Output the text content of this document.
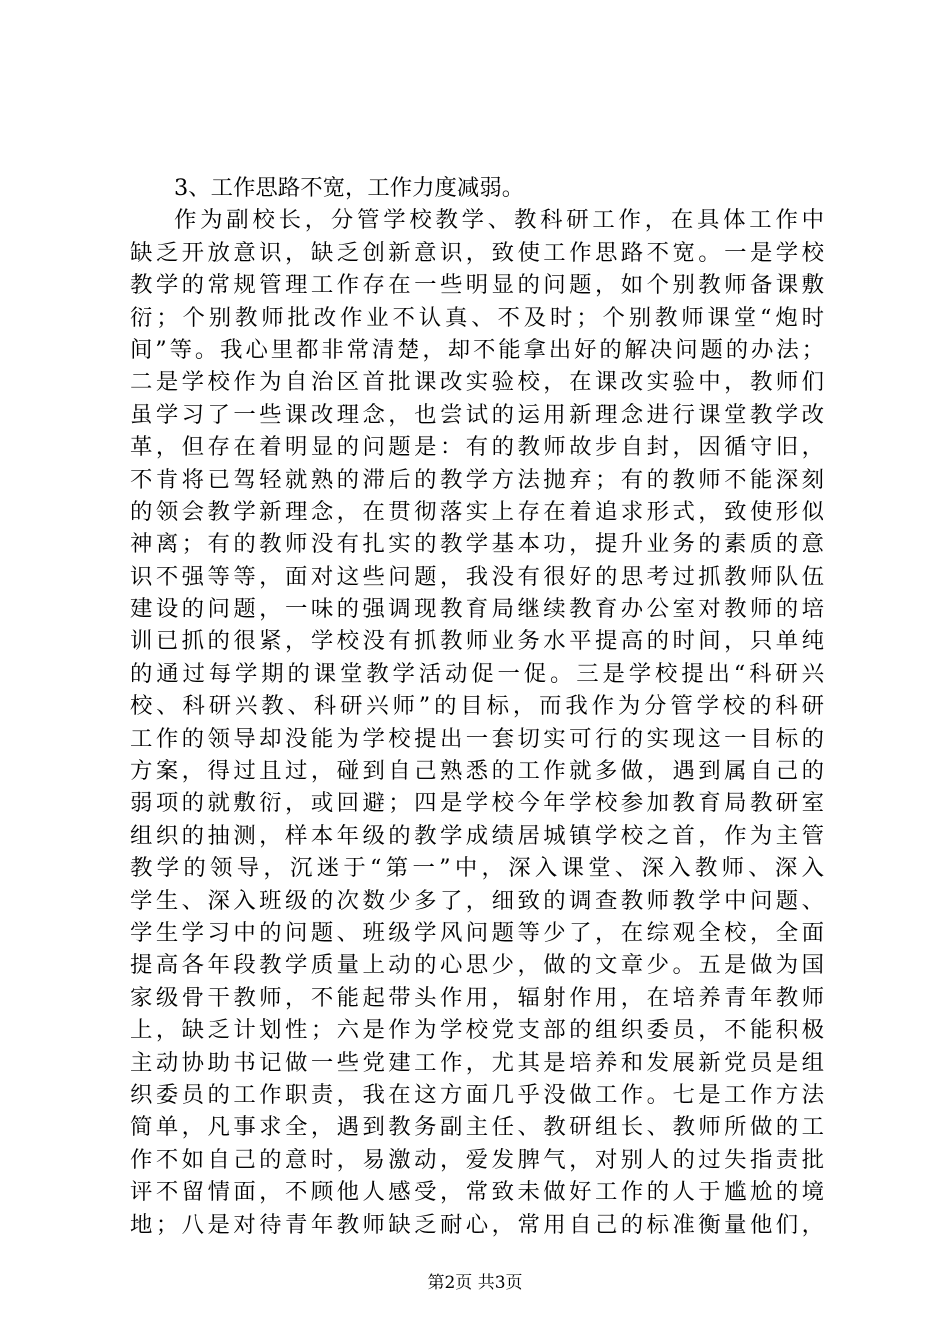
3、工作思路不宽，工作力度减弱。
作为副校长，分管学校教学、教科研工作，在具体工作中
缺乏开放意识，缺乏创新意识，致使工作思路不宽。一是学校
教学的常规管理工作存在一些明显的问题，如个别教师备课敷
衍；个别教师批改作业不认真、不及时；个别教师课堂“炮时
间”等。我心里都非常清楚，却不能拿出好的解决问题的办法；
二是学校作为自治区首批课改实验校，在课改实验中，教师们
虽学习了一些课改理念，也尝试的运用新理念进行课堂教学改
革，但存在着明显的问题是：有的教师故步自封，因循守旧，
不肯将已驾轻就熟的滞后的教学方法抛弃；有的教师不能深刻
的领会教学新理念，在贯彻落实上存在着追求形式，致使形似
神离；有的教师没有扎实的教学基本功，提升业务的素质的意
识不强等等，面对这些问题，我没有很好的思考过抓教师队伍
建设的问题，一味的强调现教育局继续教育办公室对教师的培
训已抓的很紧，学校没有抓教师业务水平提高的时间，只单纯
的通过每学期的课堂教学活动促一促。三是学校提出“科研兴
校、科研兴教、科研兴师”的目标，而我作为分管学校的科研
工作的领导却没能为学校提出一套切实可行的实现这一目标的
方案，得过且过，碰到自己熟悉的工作就多做，遇到属自己的
弱项的就敷衍，或回避；四是学校今年学校参加教育局教研室
组织的抽测，样本年级的教学成绩居城镇学校之首，作为主管
教学的领导，沉迷于“第一”中，深入课堂、深入教师、深入
学生、深入班级的次数少多了，细致的调查教师教学中问题、
学生学习中的问题、班级学风问题等少了，在综观全校，全面
提高各年段教学质量上动的心思少，做的文章少。五是做为国
家级骨干教师，不能起带头作用，辐射作用，在培养青年教师
上，缺乏计划性；六是作为学校党支部的组织委员，不能积极
主动协助书记做一些党建工作，尤其是培养和发展新党员是组
织委员的工作职责，我在这方面几乎没做工作。七是工作方法
简单，凡事求全，遇到教务副主任、教研组长、教师所做的工
作不如自己的意时，易激动，爱发脾气，对别人的过失指责批
评不留情面，不顾他人感受，常致未做好工作的人于尴尬的境
地；八是对待青年教师缺乏耐心，常用自己的标准衡量他们，
第2页 共3页
